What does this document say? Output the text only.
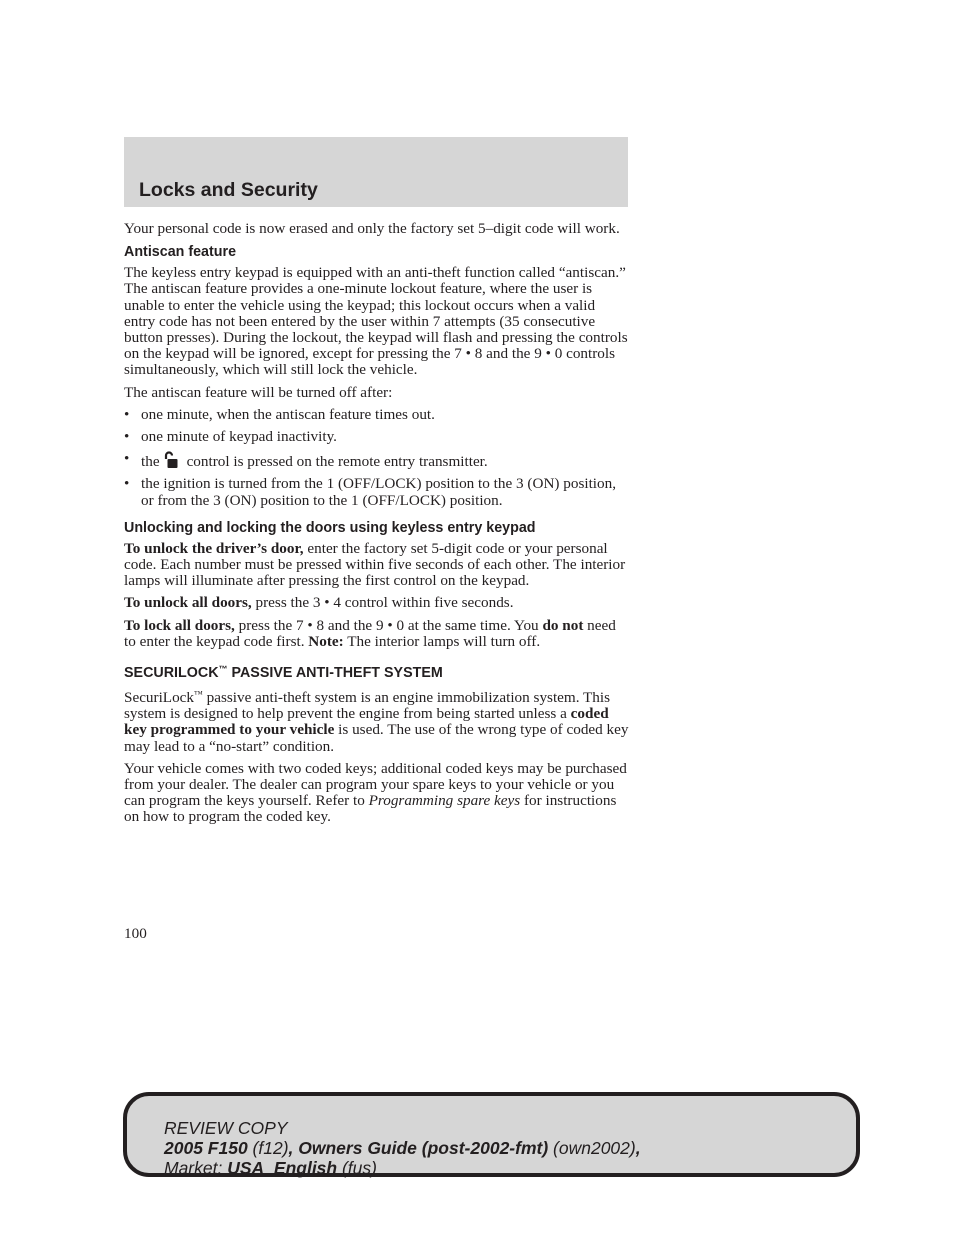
Locks and Security

Your personal code is now erased and only the factory set 5–digit code will work.

Antiscan feature

The keyless entry keypad is equipped with an anti-theft function called “antiscan.” The antiscan feature provides a one-minute lockout feature, where the user is unable to enter the vehicle using the keypad; this lockout occurs when a valid entry code has not been entered by the user within 7 attempts (35 consecutive button presses). During the lockout, the keypad will flash and pressing the controls on the keypad will be ignored, except for pressing the 7 • 8 and the 9 • 0 controls simultaneously, which will still lock the vehicle.

The antiscan feature will be turned off after:

• one minute, when the antiscan feature times out.
• one minute of keypad inactivity.
• the control is pressed on the remote entry transmitter.
• the ignition is turned from the 1 (OFF/LOCK) position to the 3 (ON) position, or from the 3 (ON) position to the 1 (OFF/LOCK) position.
Unlocking and locking the doors using keyless entry keypad

To unlock the driver’s door, enter the factory set 5-digit code or your personal code. Each number must be pressed within five seconds of each other. The interior lamps will illuminate after pressing the first control on the keypad.

To unlock all doors, press the 3 • 4 control within five seconds.

To lock all doors, press the 7 • 8 and the 9 • 0 at the same time. You do not need to enter the keypad code first. Note: The interior lamps will turn off.

SECURILOCK™ PASSIVE ANTI-THEFT SYSTEM

SecuriLock™ passive anti-theft system is an engine immobilization system. This system is designed to help prevent the engine from being started unless a coded key programmed to your vehicle is used. The use of the wrong type of coded key may lead to a “no-start” condition.

Your vehicle comes with two coded keys; additional coded keys may be purchased from your dealer. The dealer can program your spare keys to your vehicle or you can program the keys yourself. Refer to Programming spare keys for instructions on how to program the coded key.

100
REVIEW COPY
2005 F150 (f12), Owners Guide (post-2002-fmt) (own2002),
Market: USA_English (fus)
